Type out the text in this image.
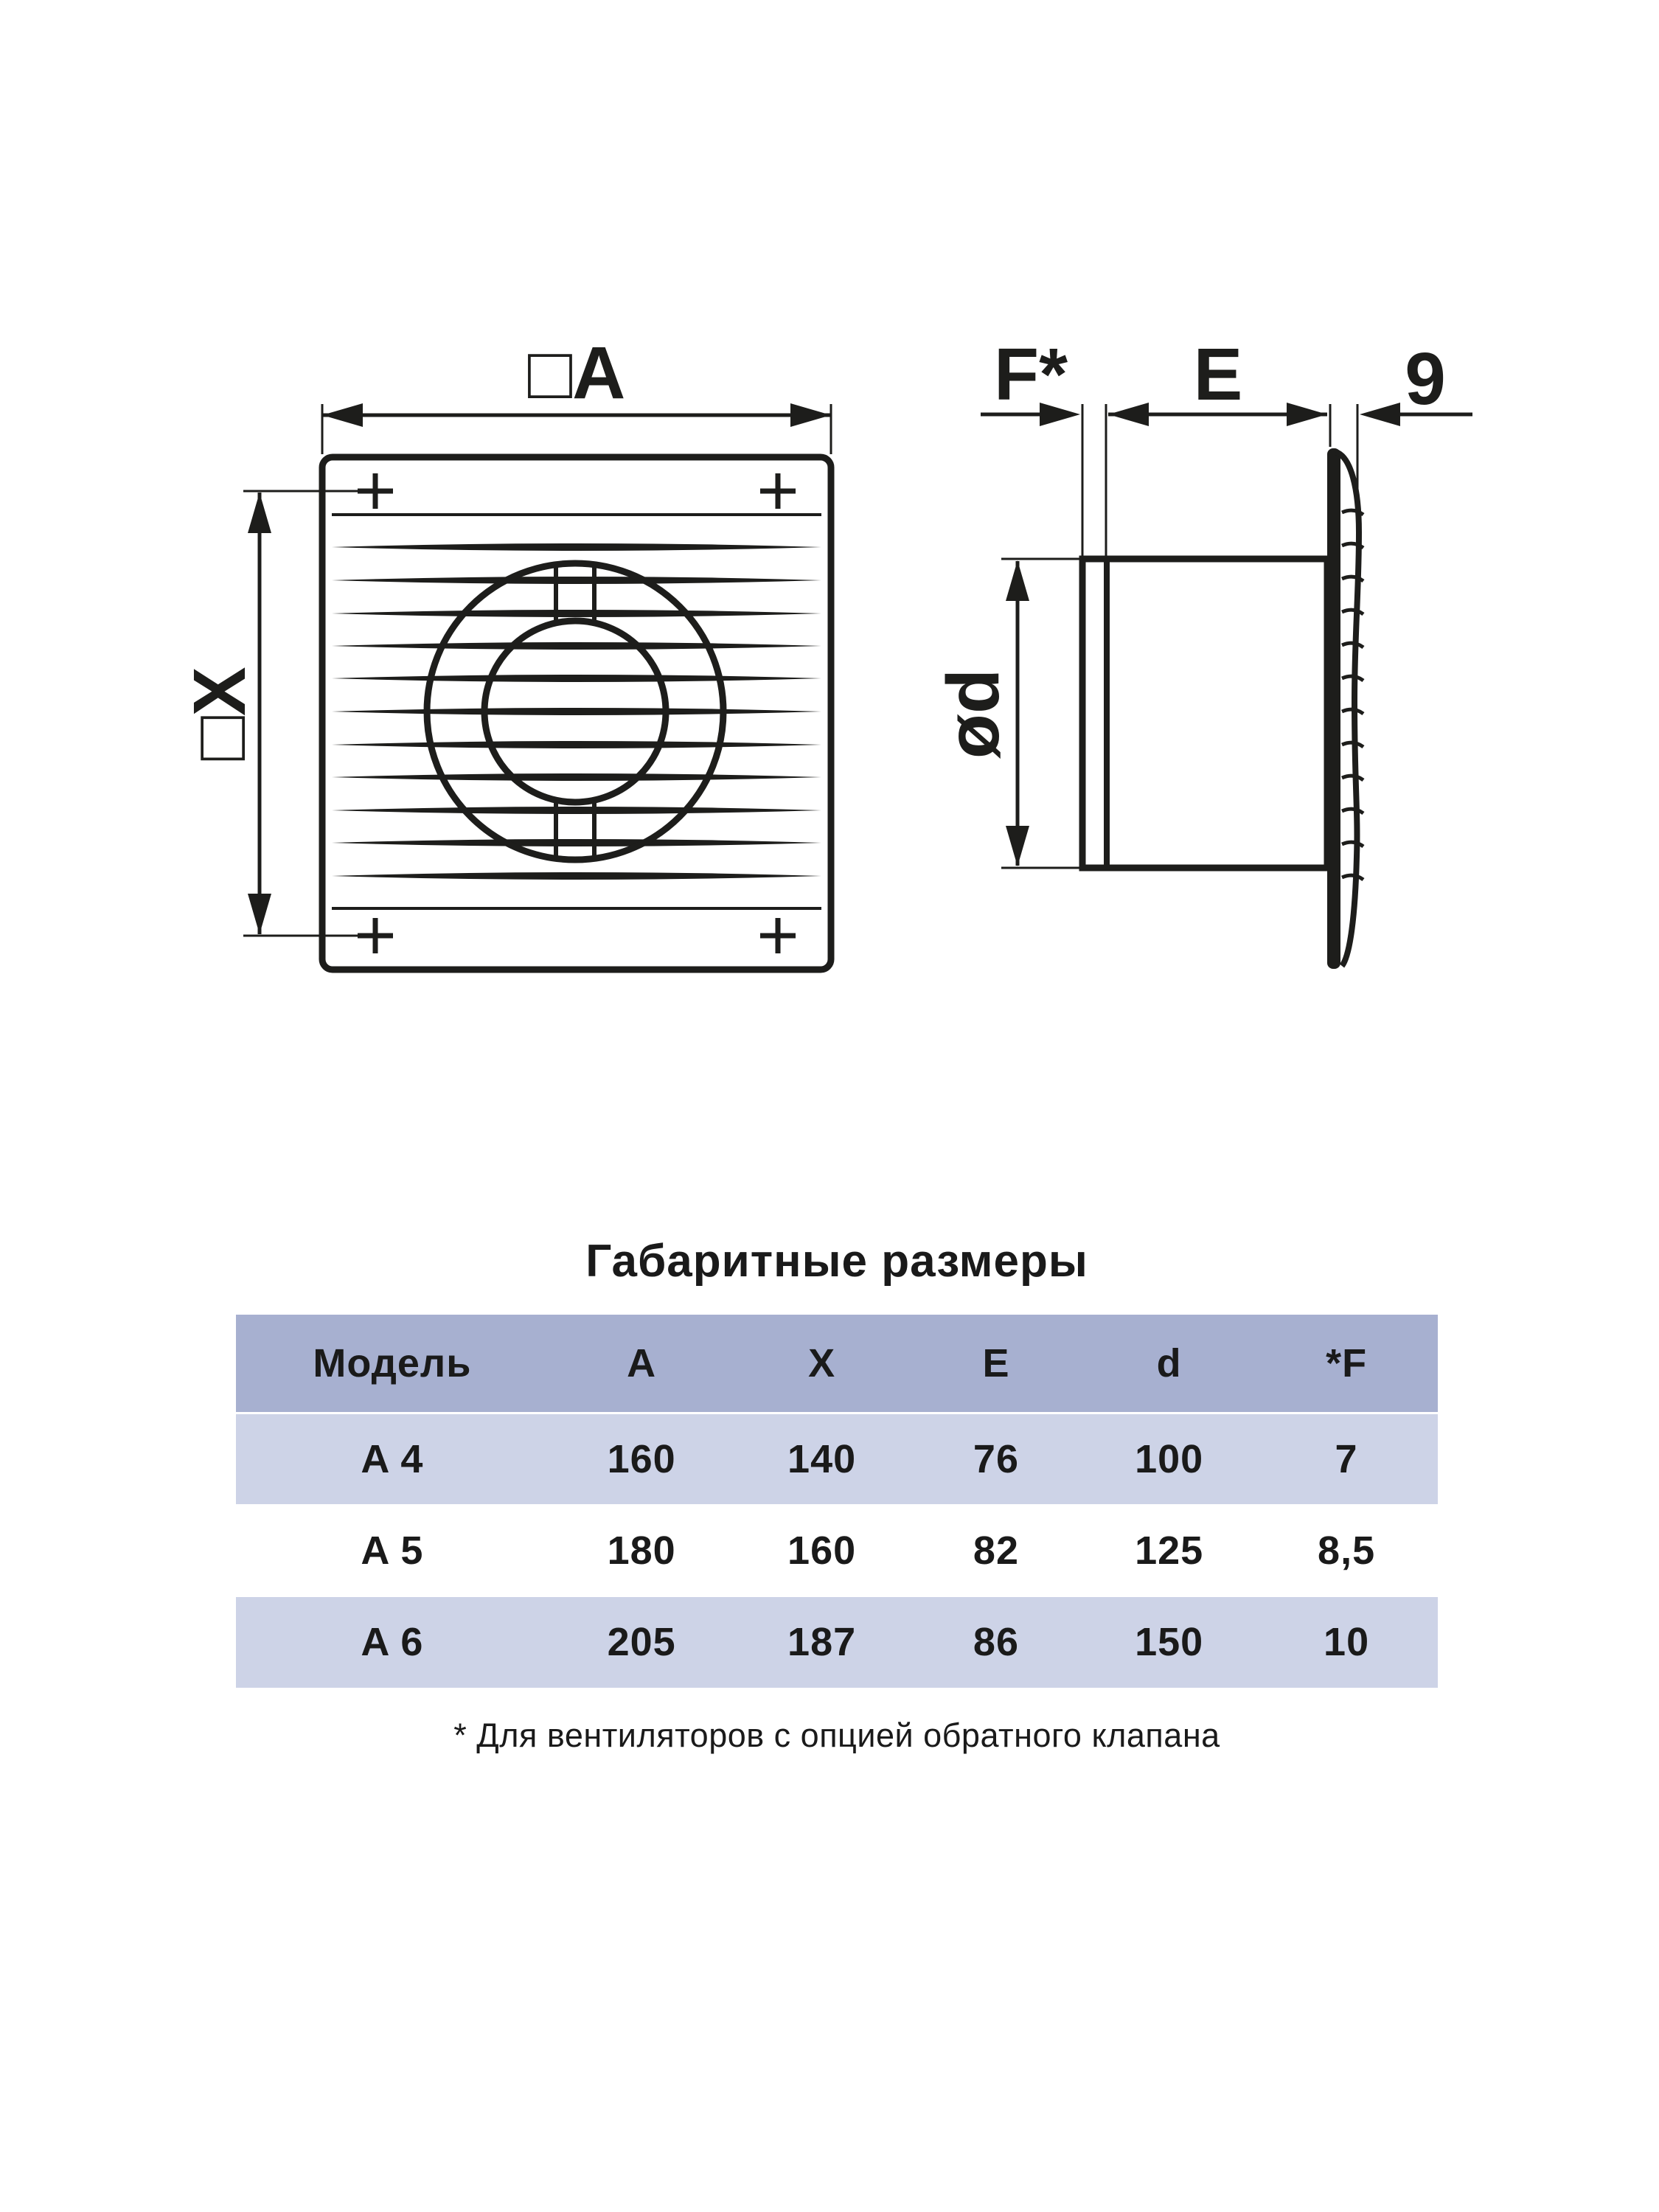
□A
□X
F* E 9
ød
Габаритные размеры
Модель	A	X	E	d	*F
A 4	160	140	76	100	7
A 5	180	160	82	125	8,5
A 6	205	187	86	150	10
* Для вентиляторов с опцией обратного клапана
